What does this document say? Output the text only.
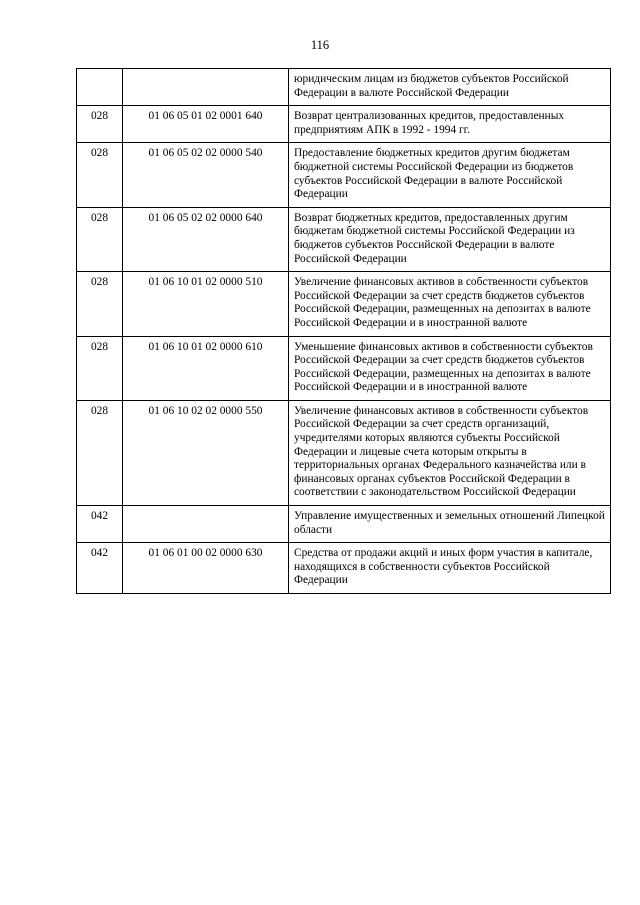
116
		юридическим лицам из бюджетов субъектов Российской Федерации в валюте Российской Федерации
028	01 06 05 01 02 0001 640	Возврат централизованных кредитов, предоставленных предприятиям АПК в 1992 - 1994 гг.
028	01 06 05 02 02 0000 540	Предоставление бюджетных кредитов другим бюджетам бюджетной системы Российской Федерации из бюджетов субъектов Российской Федерации в валюте Российской Федерации
028	01 06 05 02 02 0000 640	Возврат бюджетных кредитов, предоставленных другим бюджетам бюджетной системы Российской Федерации из бюджетов субъектов Российской Федерации в валюте Российской Федерации
028	01 06 10 01 02 0000 510	Увеличение финансовых активов в собственности субъектов Российской Федерации за счет средств бюджетов субъектов Российской Федерации, размещенных на депозитах в валюте Российской Федерации и в иностранной валюте
028	01 06 10 01 02 0000 610	Уменьшение финансовых активов в собственности субъектов Российской Федерации за счет средств бюджетов субъектов Российской Федерации, размещенных на депозитах в валюте Российской Федерации и в иностранной валюте
028	01 06 10 02 02 0000 550	Увеличение финансовых активов в собственности субъектов Российской Федерации за счет средств организаций, учредителями которых являются субъекты Российской Федерации и лицевые счета которым открыты в территориальных органах Федерального казначейства или в финансовых органах субъектов Российской Федерации в соответствии с законодательством Российской Федерации
042		Управление имущественных и земельных отношений Липецкой области
042	01 06 01 00 02 0000 630	Средства от продажи акций и иных форм участия в капитале, находящихся в собственности субъектов Российской Федерации
